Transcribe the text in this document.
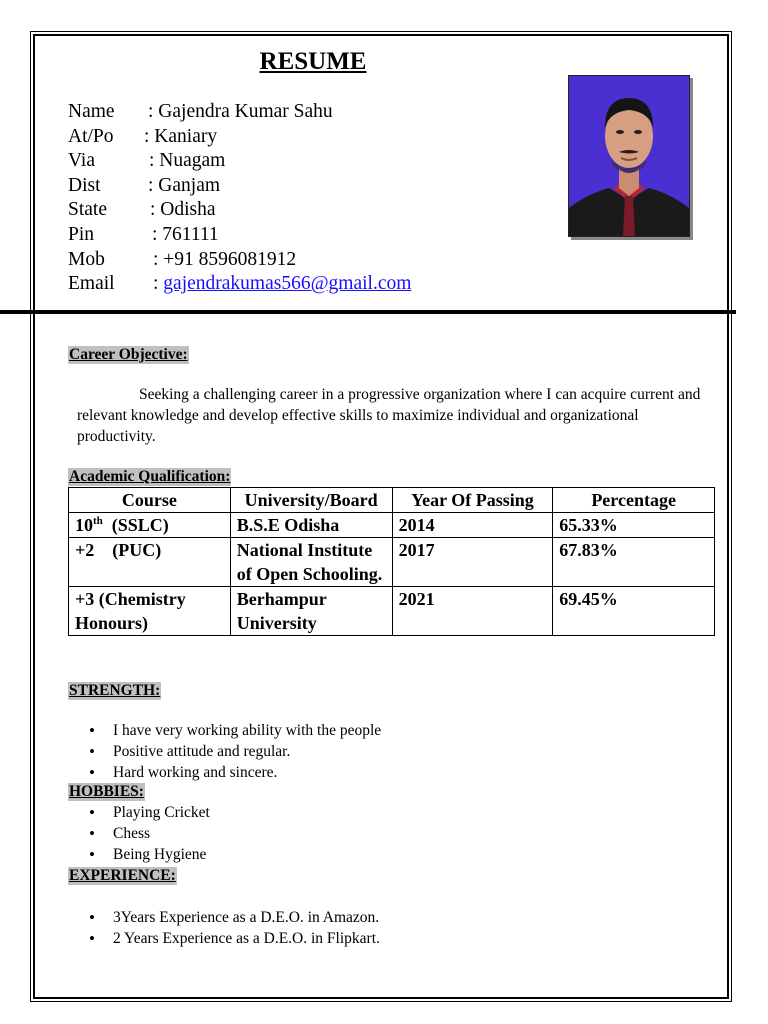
RESUME
Name	: Gajendra Kumar Sahu
At/Po	: Kaniary
Via	: Nuagam
Dist	: Ganjam
State	: Odisha
Pin	: 761111
Mob	: +91 8596081912
Email	: gajendrakumas566@gmail.com
Career Objective:
Seeking a challenging career in a progressive organization where I can acquire current and relevant knowledge and develop effective skills to maximize individual and organizational productivity.
Academic Qualification:
Course	University/Board	Year Of Passing	Percentage
10th  (SSLC)	B.S.E Odisha	2014	65.33%
+2    (PUC)	National Institute of Open Schooling.	2017	67.83%
+3 (Chemistry Honours)	Berhampur University	2021	69.45%
STRENGTH:
• I have very working ability with the people
• Positive attitude and regular.
• Hard working and sincere.
HOBBIES:
• Playing Cricket
• Chess
• Being Hygiene
EXPERIENCE:
• 3Years Experience as a D.E.O. in Amazon.
• 2 Years Experience as a D.E.O. in Flipkart.
